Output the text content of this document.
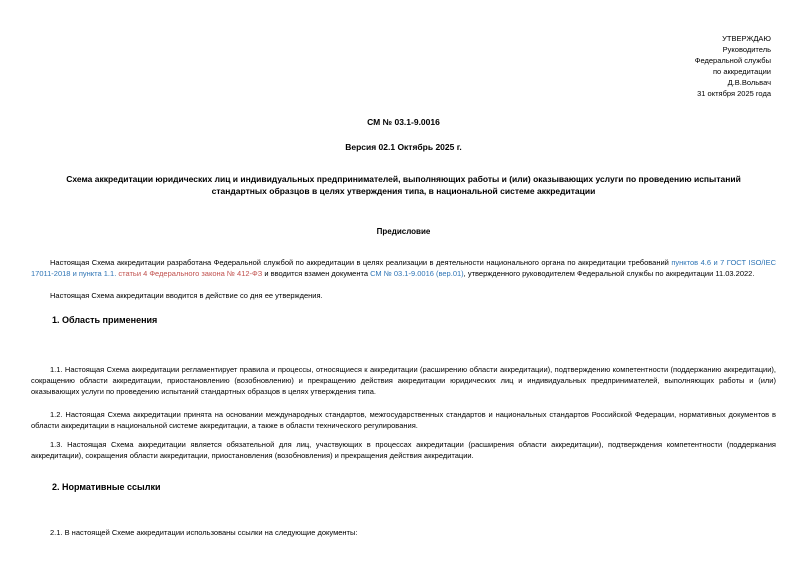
УТВЕРЖДАЮ
Руководитель
Федеральной службы
по аккредитации
Д.В.Вольвач
31 октября 2025 года
СМ № 03.1-9.0016
Версия 02.1 Октябрь 2025 г.
Схема аккредитации юридических лиц и индивидуальных предпринимателей, выполняющих работы и (или) оказывающих услуги по проведению испытаний стандартных образцов в целях утверждения типа, в национальной системе аккредитации
Предисловие

Настоящая Схема аккредитации разработана Федеральной службой по аккредитации в целях реализации в деятельности национального органа по аккредитации требований пунктов 4.6 и 7 ГОСТ ISO/IEC 17011-2018 и пункта 1.1. статьи 4 Федерального закона № 412-ФЗ и вводится взамен документа СМ № 03.1-9.0016 (вер.01), утвержденного руководителем Федеральной службы по аккредитации 11.03.2022.

Настоящая Схема аккредитации вводится в действие со дня ее утверждения.

1. Область применения

1.1. Настоящая Схема аккредитации регламентирует правила и процессы, относящиеся к аккредитации (расширению области аккредитации), подтверждению компетентности (поддержанию аккредитации), сокращению области аккредитации, приостановлению (возобновлению) и прекращению действия аккредитации юридических лиц и индивидуальных предпринимателей, выполняющих работы и (или) оказывающих услуги по проведению испытаний стандартных образцов в целях утверждения типа.

1.2. Настоящая Схема аккредитации принята на основании международных стандартов, межгосударственных стандартов и национальных стандартов Российской Федерации, нормативных документов в области аккредитации в национальной системе аккредитации, а также в области технического регулирования.

1.3. Настоящая Схема аккредитации является обязательной для лиц, участвующих в процессах аккредитации (расширения области аккредитации), подтверждения компетентности (поддержания аккредитации), сокращения области аккредитации, приостановления (возобновления) и прекращения действия аккредитации.

2. Нормативные ссылки

2.1. В настоящей Схеме аккредитации использованы ссылки на следующие документы:
